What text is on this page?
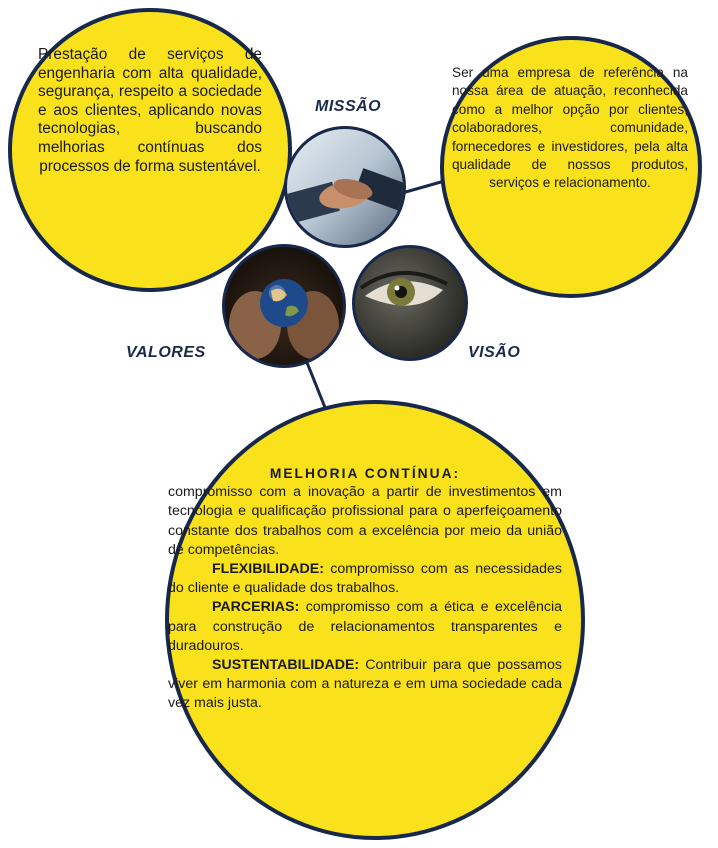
Prestação de serviços de engenharia com alta qualidade, segurança, respeito a sociedade e aos clientes, aplicando novas tecnologias, buscando melhorias contínuas dos processos de forma sustentável.
Ser uma empresa de referência na nossa área de atuação, reconhecida como a melhor opção por clientes, colaboradores, comunidade, fornecedores e investidores, pela alta qualidade de nossos produtos, serviços e relacionamento.

MELHORIA CONTÍNUA:
compromisso com a inovação a partir de investimentos em tecnologia e qualificação profissional para o aperfeiçoamento constante dos trabalhos com a excelência por meio da união de competências.

FLEXIBILIDADE: compromisso com as necessidades do cliente e qualidade dos trabalhos.

PARCERIAS: compromisso com a ética e excelência para construção de relacionamentos transparentes e duradouros.

SUSTENTABILIDADE: Contribuir para que possamos viver em harmonia com a natureza e em uma sociedade cada vez mais justa.

MISSÃO
VALORES	VISÃO
